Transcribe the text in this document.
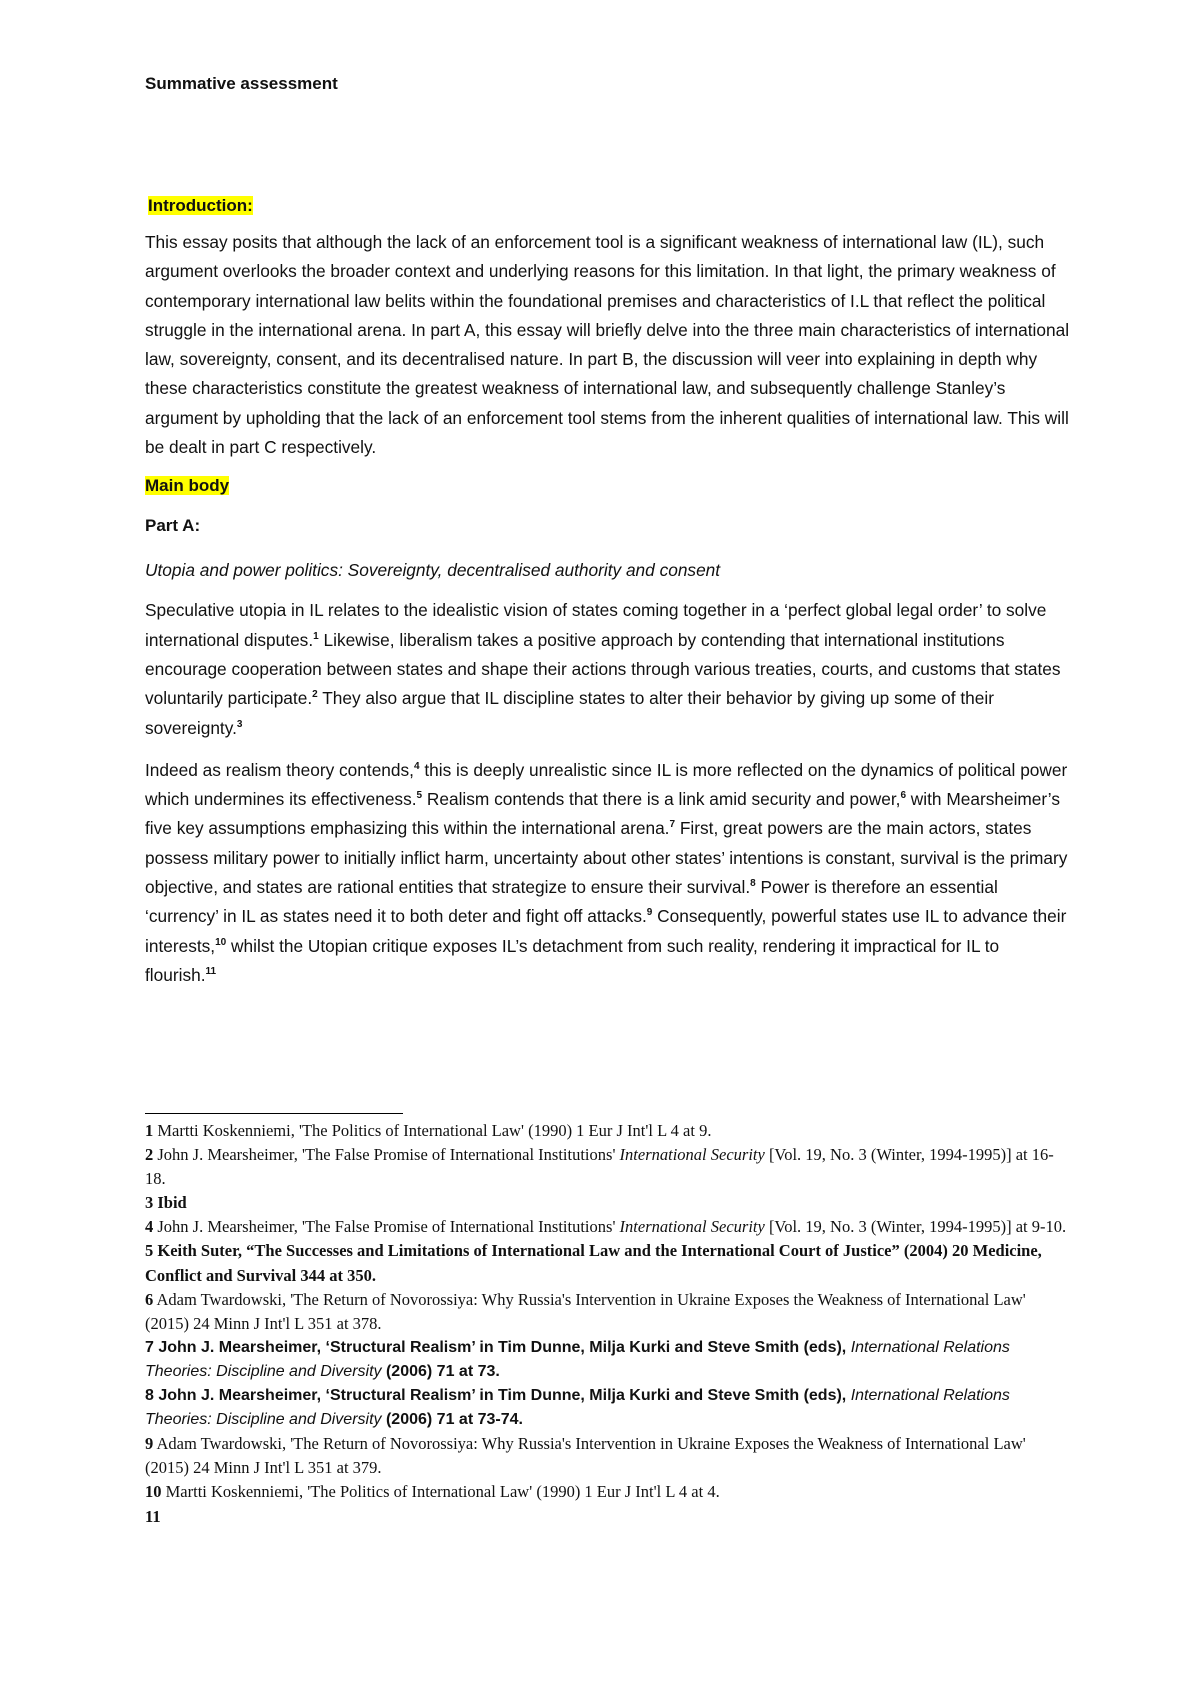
Summative assessment
Introduction:

This essay posits that although the lack of an enforcement tool is a significant weakness of international law (IL), such argument overlooks the broader context and underlying reasons for this limitation. In that light, the primary weakness of contemporary international law belits within the foundational premises and characteristics of I.L that reflect the political struggle in the international arena. In part A, this essay will briefly delve into the three main characteristics of international law, sovereignty, consent, and its decentralised nature. In part B, the discussion will veer into explaining in depth why these characteristics constitute the greatest weakness of international law, and subsequently challenge Stanley’s argument by upholding that the lack of an enforcement tool stems from the inherent qualities of international law. This will be dealt in part C respectively.

Main body
Part A:
Utopia and power politics: Sovereignty, decentralised authority and consent

Speculative utopia in IL relates to the idealistic vision of states coming together in a ‘perfect global legal order’ to solve international disputes.$^1$ Likewise, liberalism takes a positive approach by contending that international institutions encourage cooperation between states and shape their actions through various treaties, courts, and customs that states voluntarily participate.$^2$ They also argue that IL discipline states to alter their behavior by giving up some of their sovereignty.$^3$

Indeed as realism theory contends,$^4$ this is deeply unrealistic since IL is more reflected on the dynamics of political power which undermines its effectiveness.$^5$ Realism contends that there is a link amid security and power,$^6$ with Mearsheimer’s five key assumptions emphasizing this within the international arena.$^7$ First, great powers are the main actors, states possess military power to initially inflict harm, uncertainty about other states’ intentions is constant, survival is the primary objective, and states are rational entities that strategize to ensure their survival.$^8$ Power is therefore an essential ‘currency’ in IL as states need it to both deter and fight off attacks.$^9$ Consequently, powerful states use IL to advance their interests,$^{10}$ whilst the Utopian critique exposes IL’s detachment from such reality, rendering it impractical for IL to flourish.$^{11}$

1 Martti Koskenniemi, 'The Politics of International Law' (1990) 1 Eur J Int'l L 4 at 9.

2 John J. Mearsheimer, 'The False Promise of International Institutions' International Security [Vol. 19, No. 3 (Winter, 1994-1995)] at 16-18.

3 Ibid

4 John J. Mearsheimer, 'The False Promise of International Institutions' International Security [Vol. 19, No. 3 (Winter, 1994-1995)] at 9-10.

5 Keith Suter, “The Successes and Limitations of International Law and the International Court of Justice” (2004) 20 Medicine, Conflict and Survival 344 at 350.

6 Adam Twardowski, 'The Return of Novorossiya: Why Russia's Intervention in Ukraine Exposes the Weakness of International Law' (2015) 24 Minn J Int'l L 351 at 378.

7 John J. Mearsheimer, ‘Structural Realism’ in Tim Dunne, Milja Kurki and Steve Smith (eds), International Relations Theories: Discipline and Diversity (2006) 71 at 73.

8 John J. Mearsheimer, ‘Structural Realism’ in Tim Dunne, Milja Kurki and Steve Smith (eds), International Relations Theories: Discipline and Diversity (2006) 71 at 73-74.

9 Adam Twardowski, 'The Return of Novorossiya: Why Russia's Intervention in Ukraine Exposes the Weakness of International Law' (2015) 24 Minn J Int'l L 351 at 379.

10 Martti Koskenniemi, 'The Politics of International Law' (1990) 1 Eur J Int'l L 4 at 4.

11
